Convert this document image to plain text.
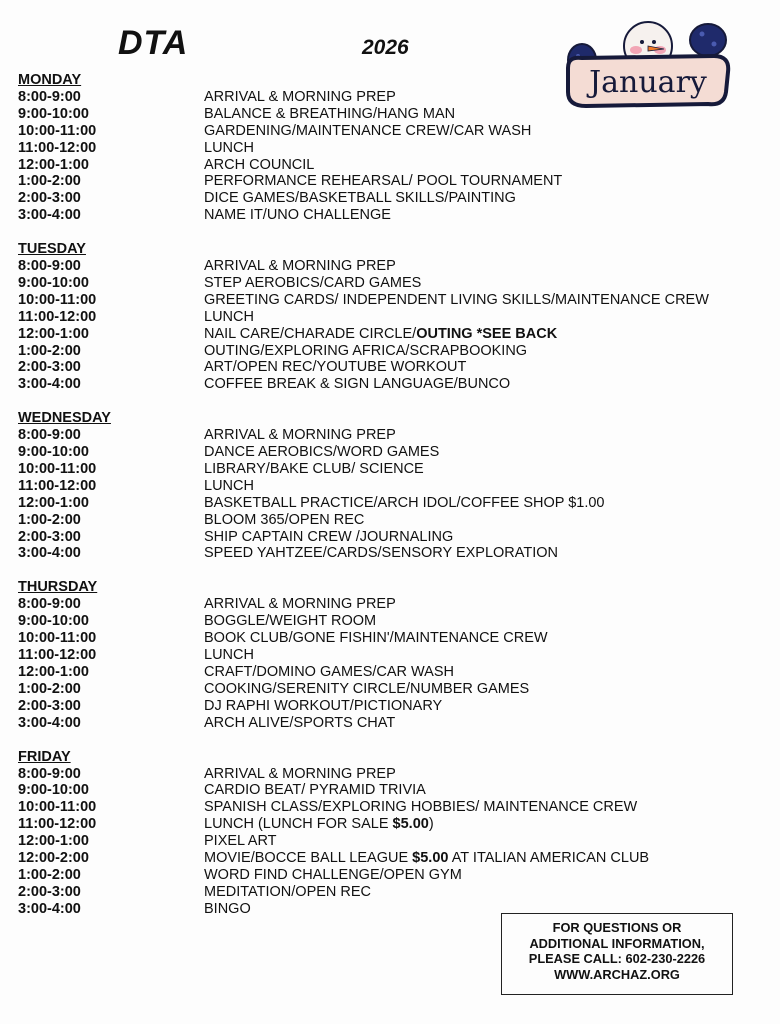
DTA	2026
January
MONDAY
8:00-9:00	ARRIVAL & MORNING PREP
9:00-10:00	BALANCE & BREATHING/HANG MAN
10:00-11:00	GARDENING/MAINTENANCE CREW/CAR WASH
11:00-12:00	LUNCH
12:00-1:00	ARCH COUNCIL
1:00-2:00	PERFORMANCE REHEARSAL/ POOL TOURNAMENT
2:00-3:00	DICE GAMES/BASKETBALL SKILLS/PAINTING
3:00-4:00	NAME IT/UNO CHALLENGE
TUESDAY
8:00-9:00	ARRIVAL & MORNING PREP
9:00-10:00	STEP AEROBICS/CARD GAMES
10:00-11:00	GREETING CARDS/ INDEPENDENT LIVING SKILLS/MAINTENANCE CREW
11:00-12:00	LUNCH
12:00-1:00	NAIL CARE/CHARADE CIRCLE/OUTING *SEE BACK
1:00-2:00	OUTING/EXPLORING AFRICA/SCRAPBOOKING
2:00-3:00	ART/OPEN REC/YOUTUBE WORKOUT
3:00-4:00	COFFEE BREAK & SIGN LANGUAGE/BUNCO
WEDNESDAY
8:00-9:00	ARRIVAL & MORNING PREP
9:00-10:00	DANCE AEROBICS/WORD GAMES
10:00-11:00	LIBRARY/BAKE CLUB/ SCIENCE
11:00-12:00	LUNCH
12:00-1:00	BASKETBALL PRACTICE/ARCH IDOL/COFFEE SHOP $1.00
1:00-2:00	BLOOM 365/OPEN REC
2:00-3:00	SHIP CAPTAIN CREW /JOURNALING
3:00-4:00	SPEED YAHTZEE/CARDS/SENSORY EXPLORATION
THURSDAY
8:00-9:00	ARRIVAL & MORNING PREP
9:00-10:00	BOGGLE/WEIGHT ROOM
10:00-11:00	BOOK CLUB/GONE FISHIN'/MAINTENANCE CREW
11:00-12:00	LUNCH
12:00-1:00	CRAFT/DOMINO GAMES/CAR WASH
1:00-2:00	COOKING/SERENITY CIRCLE/NUMBER GAMES
2:00-3:00	DJ RAPHI WORKOUT/PICTIONARY
3:00-4:00	ARCH ALIVE/SPORTS CHAT
FRIDAY
8:00-9:00	ARRIVAL & MORNING PREP
9:00-10:00	CARDIO BEAT/ PYRAMID TRIVIA
10:00-11:00	SPANISH CLASS/EXPLORING HOBBIES/ MAINTENANCE CREW
11:00-12:00	LUNCH (LUNCH FOR SALE $5.00)
12:00-1:00	PIXEL ART
12:00-2:00	MOVIE/BOCCE BALL LEAGUE $5.00 AT ITALIAN AMERICAN CLUB
1:00-2:00	WORD FIND CHALLENGE/OPEN GYM
2:00-3:00	MEDITATION/OPEN REC
3:00-4:00	BINGO
FOR QUESTIONS OR
ADDITIONAL INFORMATION,
PLEASE CALL: 602-230-2226
WWW.ARCHAZ.ORG
